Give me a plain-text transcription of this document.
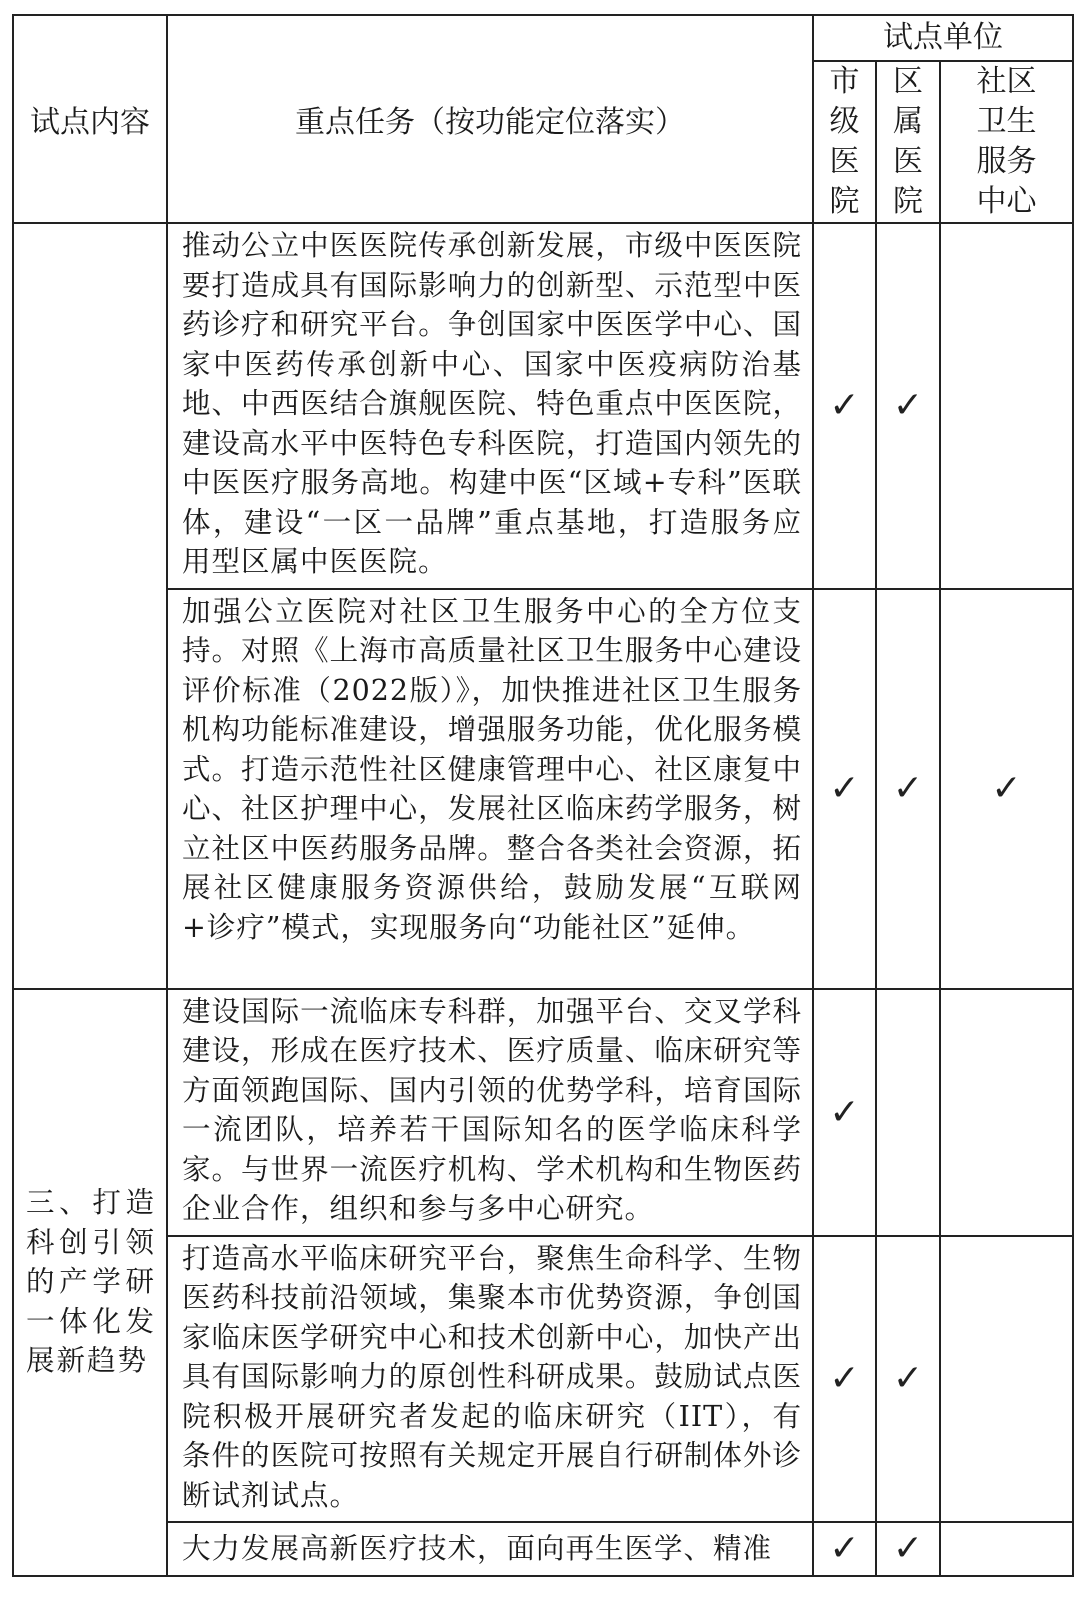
试点内容	重点任务（按功能定位落实）	试点单位		

		市级医院	区属医院	社区卫生服务中心

	推动公立中医医院传承创新发展，市级中医医院要打造成具有国际影响力的创新型、示范型中医药诊疗和研究平台。争创国家中医医学中心、国家中医药传承创新中心、国家中医疫病防治基地、中西医结合旗舰医院、特色重点中医医院，建设高水平中医特色专科医院，打造国内领先的中医医疗服务高地。构建中医“区域+专科”医联体，建设“一区一品牌”重点基地，打造服务应用型区属中医医院。	✓	✓	
	加强公立医院对社区卫生服务中心的全方位支持。对照《上海市高质量社区卫生服务中心建设评价标准（2022版）》，加快推进社区卫生服务机构功能标准建设，增强服务功能，优化服务模式。打造示范性社区健康管理中心、社区康复中心、社区护理中心，发展社区临床药学服务，树立社区中医药服务品牌。整合各类社会资源，拓展社区健康服务资源供给，鼓励发展“互联网+诊疗”模式，实现服务向“功能社区”延伸。	✓	✓	✓
三、打造科创引领的产学研一体化发展新趋势	建设国际一流临床专科群，加强平台、交叉学科建设，形成在医疗技术、医疗质量、临床研究等方面领跑国际、国内引领的优势学科，培育国际一流团队，培养若干国际知名的医学临床科学家。与世界一流医疗机构、学术机构和生物医药企业合作，组织和参与多中心研究。	✓		
	打造高水平临床研究平台，聚焦生命科学、生物医药科技前沿领域，集聚本市优势资源，争创国家临床医学研究中心和技术创新中心，加快产出具有国际影响力的原创性科研成果。鼓励试点医院积极开展研究者发起的临床研究（IIT），有条件的医院可按照有关规定开展自行研制体外诊断试剂试点。	✓	✓	
	大力发展高新医疗技术，面向再生医学、精准	✓	✓	
